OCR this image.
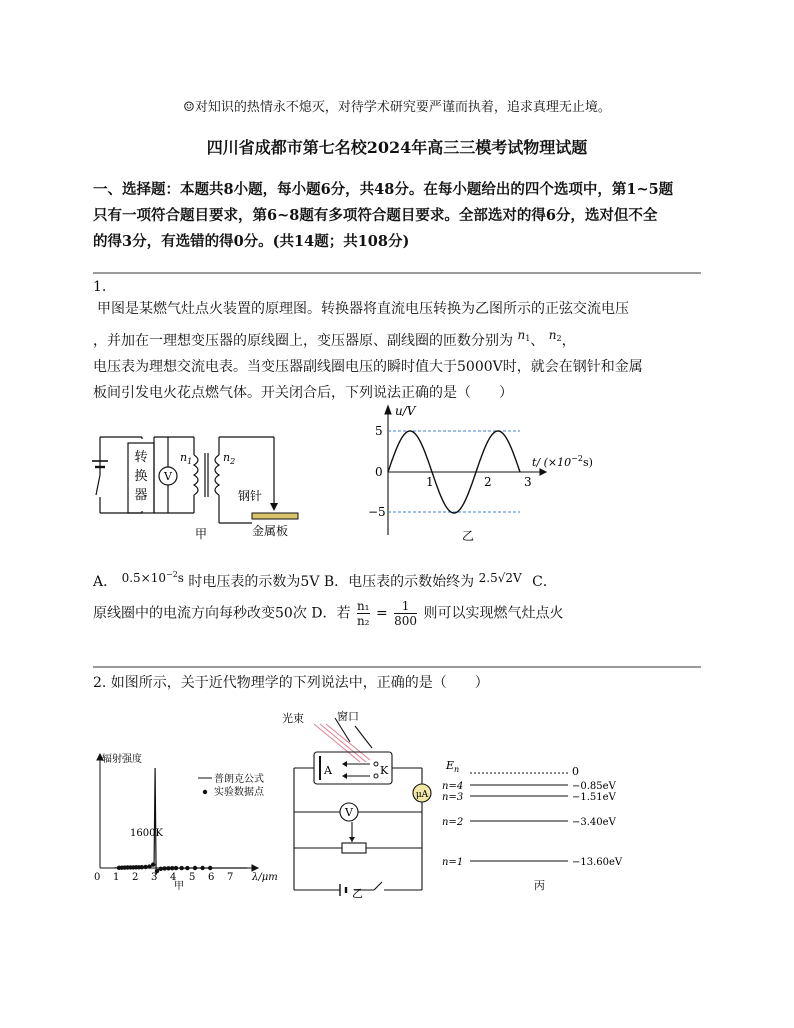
☺对知识的热情永不熄灭，对待学术研究要严谨而执着，追求真理无止境。
四川省成都市第七名校2024年高三三模考试物理试题
一、选择题：本题共8小题，每小题6分，共48分。在每小题给出的四个选项中，第1~5题
只有一项符合题目要求，第6~8题有多项符合题目要求。全部选对的得6分，选对但不全
的得3分，有选错的得0分。(共14题；共108分)
1.
甲图是某燃气灶点火装置的原理图。转换器将直流电压转换为乙图所示的正弦交流电压
，并加在一理想变压器的原线圈上，变压器原、副线圈的匝数分别为 $n_1$、 $n_2$，
电压表为理想交流电表。当变压器副线圈电压的瞬时值大于5000V时，就会在钢针和金属
板间引发电火花点燃气体。开关闭合后，下列说法正确的是（　　）
V
转
换
器
$n_1$	$n_2$
钢针
金属板
甲
u/V
5
0
−5
1	2	3
t/ $(\times 10^{-2}s)$
乙
A． $0.5\times 10^{-2}s$ 时电压表的示数为5V B．电压表的示数始终为 2.5√2V C．
原线圈中的电流方向每秒改变50次 D．若 $\frac{\text{n₁}}{\text{n₂}} = \frac{1}{800}$ 则可以实现燃气灶点火
2. 如图所示，关于近代物理学的下列说法中，正确的是（　　）
辐射强度
普朗克公式
实验数据点
1600K
0 1 2 3 4 5 6 7 λ/μm
甲
光束	窗口
A	K
V
μA
乙
$E_n$	0
n=4	−0.85eV
n=3	−1.51eV
n=2	−3.40eV
n=1	−13.60eV
丙
